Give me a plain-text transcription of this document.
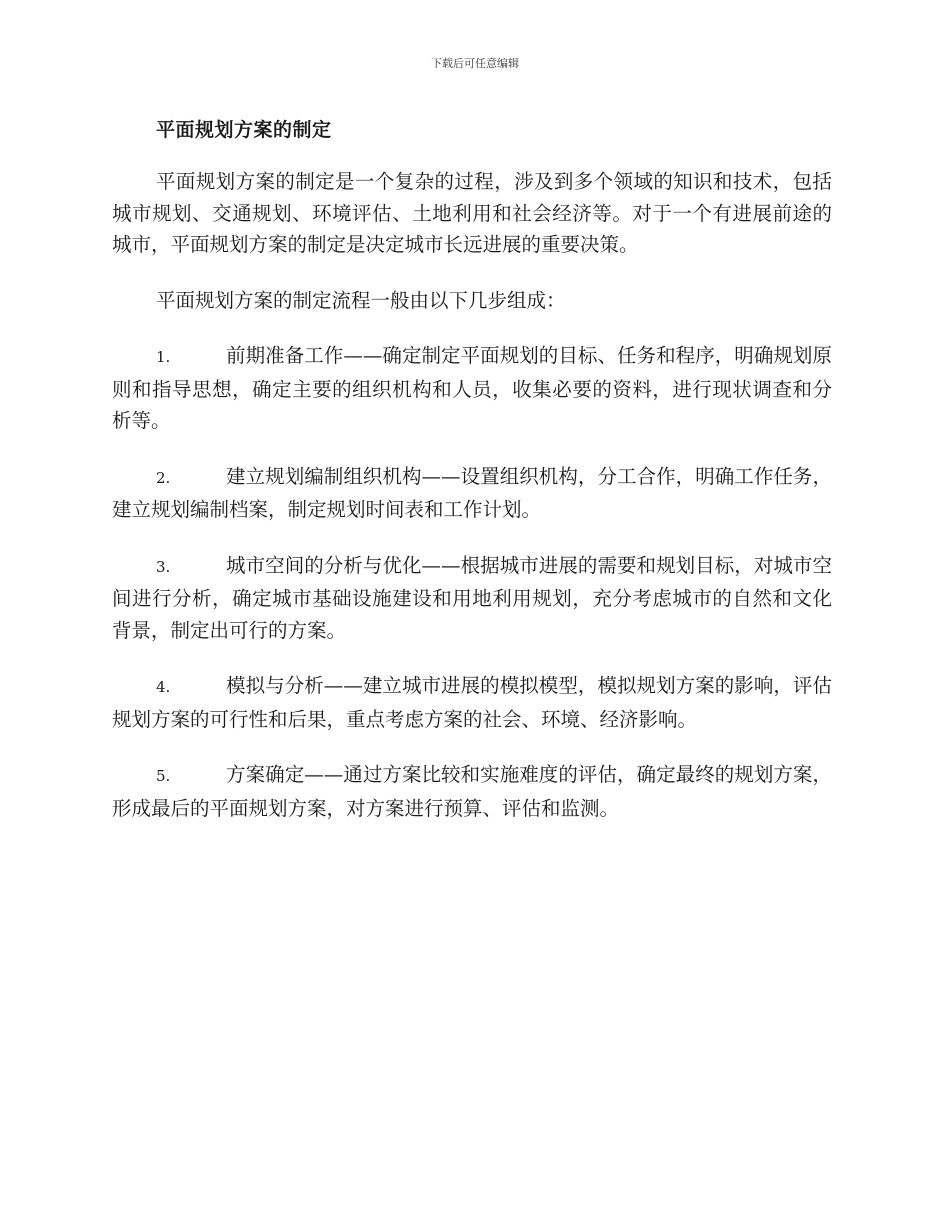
下载后可任意编辑
平面规划方案的制定

平面规划方案的制定是一个复杂的过程，涉及到多个领域的知识和技术，包括城市规划、交通规划、环境评估、土地利用和社会经济等。对于一个有进展前途的城市，平面规划方案的制定是决定城市长远进展的重要决策。

平面规划方案的制定流程一般由以下几步组成：

1.	前期准备工作——确定制定平面规划的目标、任务和程序，明确规划原则和指导思想，确定主要的组织机构和人员，收集必要的资料，进行现状调查和分析等。

2.	建立规划编制组织机构——设置组织机构，分工合作，明确工作任务，建立规划编制档案，制定规划时间表和工作计划。

3.	城市空间的分析与优化——根据城市进展的需要和规划目标，对城市空间进行分析，确定城市基础设施建设和用地利用规划，充分考虑城市的自然和文化背景，制定出可行的方案。

4.	模拟与分析——建立城市进展的模拟模型，模拟规划方案的影响，评估规划方案的可行性和后果，重点考虑方案的社会、环境、经济影响。

5.	方案确定——通过方案比较和实施难度的评估，确定最终的规划方案，形成最后的平面规划方案，对方案进行预算、评估和监测。
